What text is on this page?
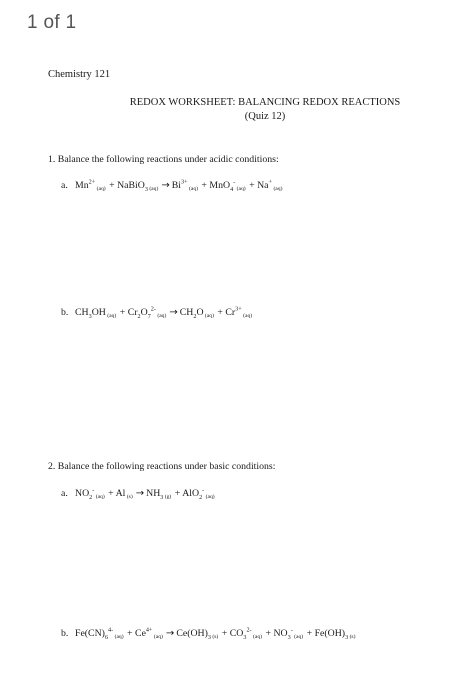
1 of 1
Chemistry 121
REDOX WORKSHEET: BALANCING REDOX REACTIONS
(Quiz 12)
1. Balance the following reactions under acidic conditions:
a. $Mn^{2+}$ $_{(aq)}$ + NaBiO$_3$ $_{(aq)} \to Bi^{3+}$ $_{(aq)}$ + MnO$_4$- $_{(aq)}$ + Na+ $_{(aq)}$
b. $CH_3OH$ $_{(aq)} + Cr_2O_7^{2-}$ $_{(aq)} \to CH_2O$ $_{(aq)} + Cr^{3+}$ $_{(aq)}$
2. Balance the following reactions under basic conditions:
a. $NO_2^-$ $_{(aq)}$ + Al $_{(s)} \to NH_3$ $_{(g)}$ + AlO$_2$- $_{(aq)}$
b. $Fe(CN)_6^{4-}$ $_{(aq)} + Ce^{4+}$ $_{(aq)} \to Ce(OH)_3$ $_{(s)} + CO_3^{2-}$ $_{(aq)} + NO_3^-$ $_{(aq)} + Fe(OH)_3$ $_{(s)}$
